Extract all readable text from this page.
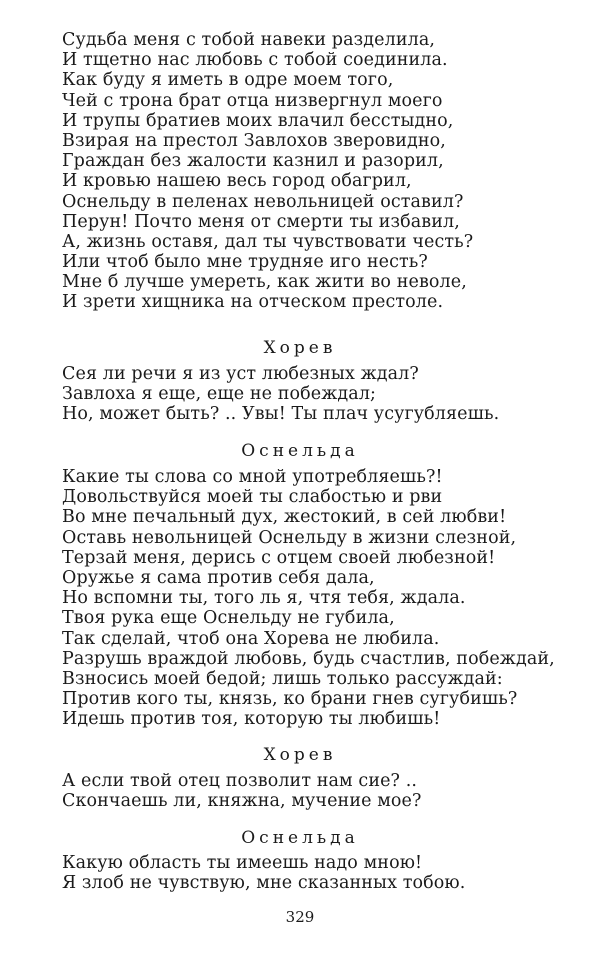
Судьба меня с тобой навеки разделила,
И тщетно нас любовь с тобой соединила.
Как буду я иметь в одре моем того,
Чей с трона брат отца низвергнул моего
И трупы братиев моих влачил бесстыдно,
Взирая на престол Завлохов зверовидно,
Граждан без жалости казнил и разорил,
И кровью нашею весь город обагрил,
Оснельду в пеленах невольницей оставил?
Перун! Почто меня от смерти ты избавил,
А, жизнь оставя, дал ты чувствовати честь?
Или чтоб было мне трудняе иго несть?
Мне б лучше умереть, как жити во неволе,
И зрети хищника на отческом престоле.
Хорев
Сея ли речи я из уст любезных ждал?
Завлоха я еще, еще не побеждал;
Но, может быть? .. Увы! Ты плач усугубляешь.
Оснельда
Какие ты слова со мной употребляешь?!
Довольствуйся моей ты слабостью и рви
Во мне печальный дух, жестокий, в сей любви!
Оставь невольницей Оснельду в жизни слезной,
Терзай меня, дерись с отцем своей любезной!
Оружье я сама против себя дала,
Но вспомни ты, того ль я, чтя тебя, ждала.
Твоя рука еще Оснельду не губила,
Так сделай, чтоб она Хорева не любила.
Разрушь враждой любовь, будь счастлив, побеждай,
Взносись моей бедой; лишь только рассуждай:
Против кого ты, князь, ко брани гнев сугубишь?
Идешь против тоя, которую ты любишь!
Хорев
А если твой отец позволит нам сие? ..
Скончаешь ли, княжна, мучение мое?
Оснельда
Какую область ты имеешь надо мною!
Я злоб не чувствую, мне сказанных тобою.
329
